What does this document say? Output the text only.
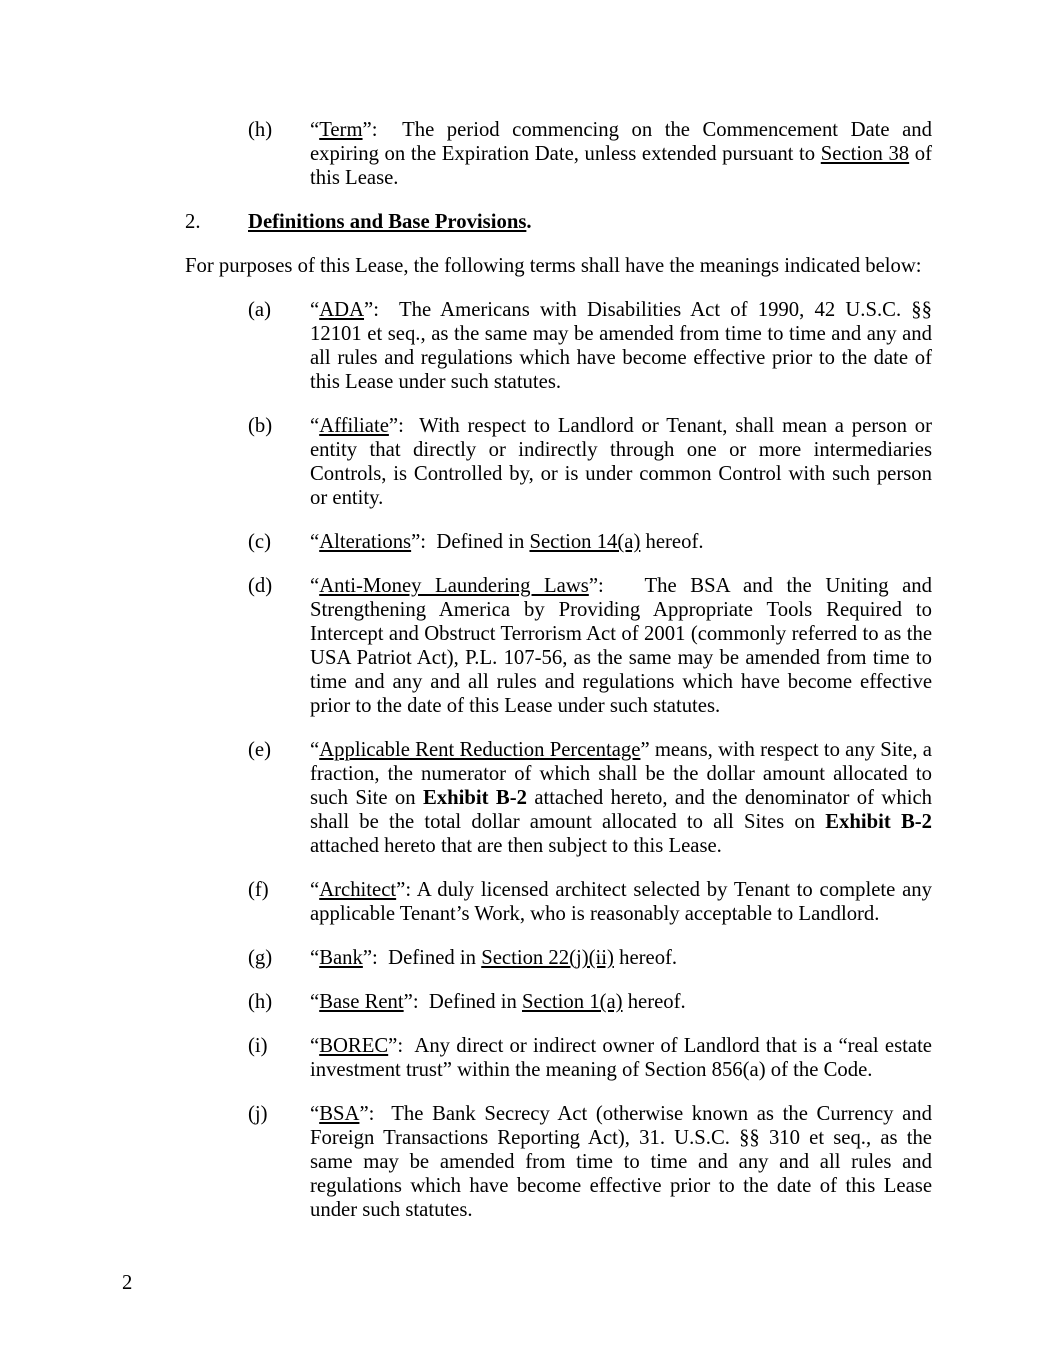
(h) “Term”:  The period commencing on the Commencement Date and expiring on the Expiration Date, unless extended pursuant to Section 38 of this Lease.
2. Definitions and Base Provisions.

For purposes of this Lease, the following terms shall have the meanings indicated below:

(a) “ADA”:  The Americans with Disabilities Act of 1990, 42 U.S.C. §§ 12101 et seq., as the same may be amended from time to time and any and all rules and regulations which have become effective prior to the date of this Lease under such statutes.
(b) “Affiliate”:  With respect to Landlord or Tenant, shall mean a person or entity that directly or indirectly through one or more intermediaries Controls, is Controlled by, or is under common Control with such person or entity.
(c) “Alterations”:  Defined in Section 14(a) hereof.
(d) “Anti-Money Laundering Laws”:   The BSA and the Uniting and Strengthening America by Providing Appropriate Tools Required to Intercept and Obstruct Terrorism Act of 2001 (commonly referred to as the USA Patriot Act), P.L. 107-56, as the same may be amended from time to time and any and all rules and regulations which have become effective prior to the date of this Lease under such statutes.
(e) “Applicable Rent Reduction Percentage” means, with respect to any Site, a fraction, the numerator of which shall be the dollar amount allocated to such Site on Exhibit B-2 attached hereto, and the denominator of which shall be the total dollar amount allocated to all Sites on Exhibit B-2 attached hereto that are then subject to this Lease.
(f) “Architect”: A duly licensed architect selected by Tenant to complete any applicable Tenant’s Work, who is reasonably acceptable to Landlord.
(g) “Bank”:  Defined in Section 22(j)(ii) hereof.
(h) “Base Rent”:  Defined in Section 1(a) hereof.
(i) “BOREC”:  Any direct or indirect owner of Landlord that is a “real estate investment trust” within the meaning of Section 856(a) of the Code.
(j) “BSA”:  The Bank Secrecy Act (otherwise known as the Currency and Foreign Transactions Reporting Act), 31. U.S.C. §§ 310 et seq., as the same may be amended from time to time and any and all rules and regulations which have become effective prior to the date of this Lease under such statutes.
2
